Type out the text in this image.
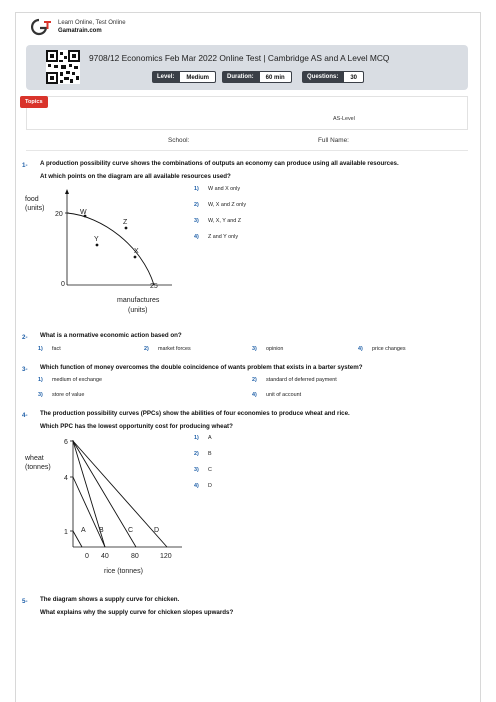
Learn Online, Test Online
Gamatrain.com
9708/12 Economics Feb Mar 2022 Online Test | Cambridge AS and A Level MCQ
Level:	Medium	Duration:	60 min	Questions:	30
Topics
AS-Level
School:	Full Name:
1- A production possibility curve shows the combinations of outputs an economy can produce using all available resources.
At which points on the diagram are all available resources used?
food
(units)
20 W
Z
Y
X
0	25
manufactures
(units)
1) W and X only
2) W, X and Z only
3) W, X, Y and Z
4) Z and Y only
2- What is a normative economic action based on?
1) fact	2) market forces	3) opinion	4) price changes
3- Which function of money overcomes the double coincidence of wants problem that exists in a barter system?
1) medium of exchange	2) standard of deferred payment
3) store of value	4) unit of account
4- The production possibility curves (PPCs) show the abilities of four economies to produce wheat and rice.
Which PPC has the lowest opportunity cost for producing wheat?
wheat
(tonnes)
6
4
1 A B	C	D
0 40	80	120
rice (tonnes)
1) A
2) B
3) C
4) D
5- The diagram shows a supply curve for chicken.
What explains why the supply curve for chicken slopes upwards?
